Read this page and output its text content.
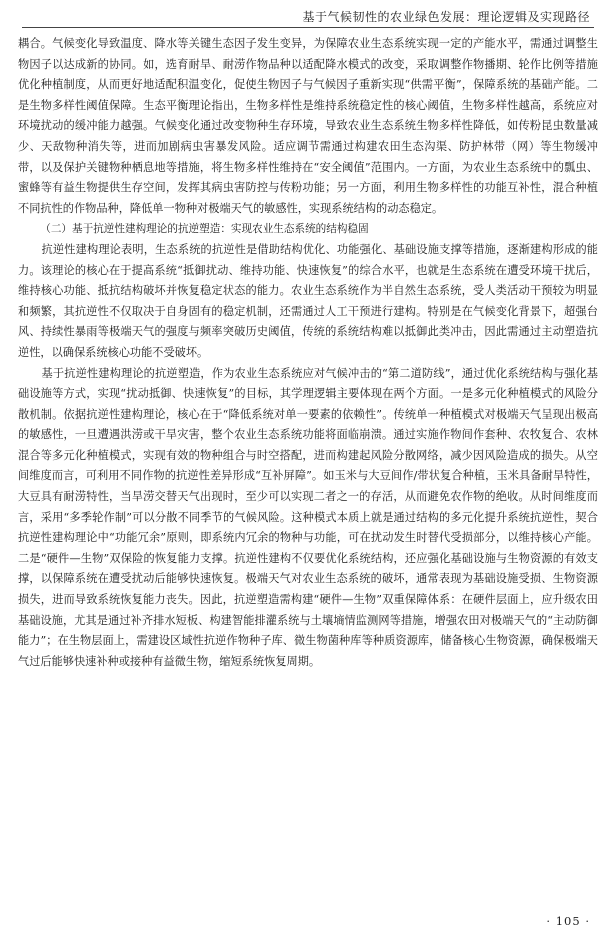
基于气候韧性的农业绿色发展：理论逻辑及实现路径

耦合。气候变化导致温度、降水等关键生态因子发生变异，为保障农业生态系统实现一定的产能水平，需通过调整生物因子以达成新的协同。如，选育耐旱、耐涝作物品种以适配降水模式的改变，采取调整作物播期、轮作比例等措施优化种植制度，从而更好地适配积温变化，促使生物因子与气候因子重新实现“供需平衡”，保障系统的基础产能。二是生物多样性阈值保障。生态平衡理论指出，生物多样性是维持系统稳定性的核心阈值，生物多样性越高，系统应对环境扰动的缓冲能力越强。气候变化通过改变物种生存环境，导致农业生态系统生物多样性降低，如传粉昆虫数量减少、天敌物种消失等，进而加剧病虫害暴发风险。适应调节需通过构建农田生态沟渠、防护林带（网）等生物缓冲带，以及保护关键物种栖息地等措施，将生物多样性维持在“安全阈值”范围内。一方面，为农业生态系统中的瓢虫、蜜蜂等有益生物提供生存空间，发挥其病虫害防控与传粉功能；另一方面，利用生物多样性的功能互补性，混合种植不同抗性的作物品种，降低单一物种对极端天气的敏感性，实现系统结构的动态稳定。

（二）基于抗逆性建构理论的抗逆塑造：实现农业生态系统的结构稳固

抗逆性建构理论表明，生态系统的抗逆性是借助结构优化、功能强化、基础设施支撑等措施，逐渐建构形成的能力。该理论的核心在于提高系统“抵御扰动、维持功能、快速恢复”的综合水平，也就是生态系统在遭受环境干扰后，维持核心功能、抵抗结构破坏并恢复稳定状态的能力。农业生态系统作为半自然生态系统，受人类活动干预较为明显和频繁，其抗逆性不仅取决于自身固有的稳定机制，还需通过人工干预进行建构。特别是在气候变化背景下，超强台风、持续性暴雨等极端天气的强度与频率突破历史阈值，传统的系统结构难以抵御此类冲击，因此需通过主动塑造抗逆性，以确保系统核心功能不受破坏。

基于抗逆性建构理论的抗逆塑造，作为农业生态系统应对气候冲击的“第二道防线”，通过优化系统结构与强化基础设施等方式，实现“扰动抵御、快速恢复”的目标，其学理逻辑主要体现在两个方面。一是多元化种植模式的风险分散机制。依据抗逆性建构理论，核心在于“降低系统对单一要素的依赖性”。传统单一种植模式对极端天气呈现出极高的敏感性，一旦遭遇洪涝或干旱灾害，整个农业生态系统功能将面临崩溃。通过实施作物间作套种、农牧复合、农林混合等多元化种植模式，实现有效的物种组合与时空搭配，进而构建起风险分散网络，减少因风险造成的损失。从空间维度而言，可利用不同作物的抗逆性差异形成“互补屏障”。如玉米与大豆间作/带状复合种植，玉米具备耐旱特性，大豆具有耐涝特性，当旱涝交替天气出现时，至少可以实现二者之一的存活，从而避免农作物的绝收。从时间维度而言，采用“多季轮作制”可以分散不同季节的气候风险。这种模式本质上就是通过结构的多元化提升系统抗逆性，契合抗逆性建构理论中“功能冗余”原则，即系统内冗余的物种与功能，可在扰动发生时替代受损部分，以维持核心产能。二是“硬件—生物”双保险的恢复能力支撑。抗逆性建构不仅要优化系统结构，还应强化基础设施与生物资源的有效支撑，以保障系统在遭受扰动后能够快速恢复。极端天气对农业生态系统的破坏，通常表现为基础设施受损、生物资源损失，进而导致系统恢复能力丧失。因此，抗逆塑造需构建“硬件—生物”双重保障体系：在硬件层面上，应升级农田基础设施，尤其是通过补齐排水短板、构建智能排灌系统与土壤墒情监测网等措施，增强农田对极端天气的“主动防御能力”；在生物层面上，需建设区域性抗逆作物种子库、微生物菌种库等种质资源库，储备核心生物资源，确保极端天气过后能够快速补种或接种有益微生物，缩短系统恢复周期。

· 105 ·
